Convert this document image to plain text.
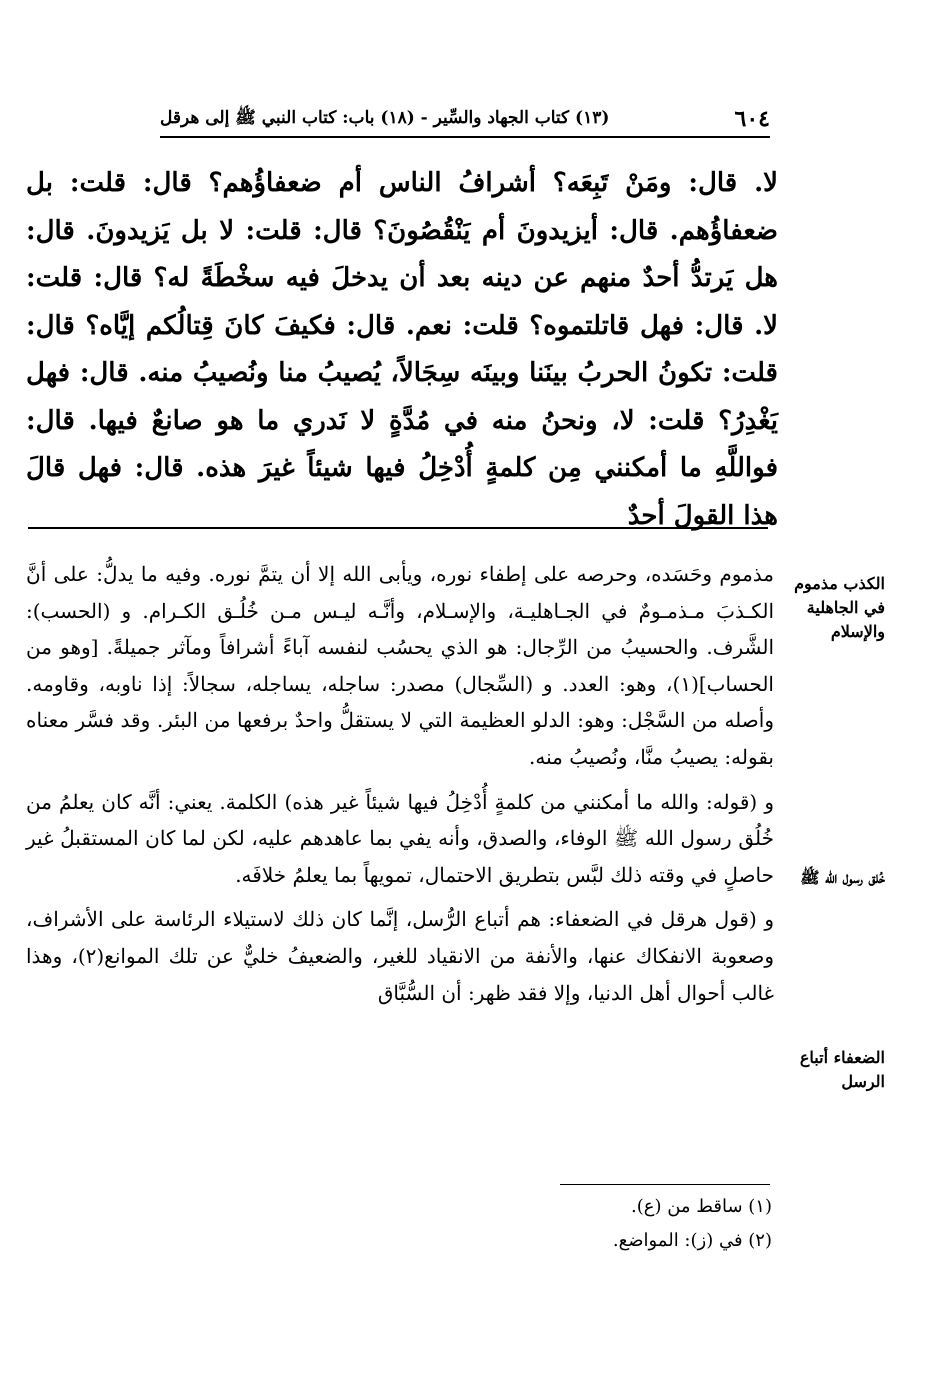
٦٠٤
(١٣) كتاب الجهاد والسِّير - (١٨) باب: كتاب النبي ﷺ إلى هرقل

لا. قال: ومَنْ تَبِعَه؟ أشرافُ الناس أم ضعفاؤُهم؟ قال: قلت: بل ضعفاؤُهم. قال: أيزيدونَ أم يَنْقُصُونَ؟ قال: قلت: لا بل يَزيدونَ. قال: هل يَرتدُّ أحدٌ منهم عن دينه بعد أن يدخلَ فيه سخْطَةً له؟ قال: قلت: لا. قال: فهل قاتلتموه؟ قلت: نعم. قال: فكيفَ كانَ قِتالُكم إيَّاه؟ قال: قلت: تكونُ الحربُ بينَنا وبينَه سِجَالاً، يُصيبُ منا ونُصيبُ منه. قال: فهل يَغْدِرُ؟ قلت: لا، ونحنُ منه في مُدَّةٍ لا نَدري ما هو صانعٌ فيها. قال: فواللَّهِ ما أمكنني مِن كلمةٍ أُدْخِلُ فيها شيئاً غيرَ هذه. قال: فهل قالَ هذا القولَ أحدٌ

الكذب مذموم في الجاهلية والإسلام
خُلق رسول الله ﷺ
الضعفاء أتباع الرسل

مذموم وحَسَده، وحرصه على إطفاء نوره، ويأبى الله إلا أن يتمَّ نوره. وفيه ما يدلُّ: على أنَّ الكـذبَ مـذمـومٌ في الجـاهليـة، والإسـلام، وأنَّـه ليـس مـن خُلُـق الكـرام. و (الحسب): الشَّرف. والحسيبُ من الرِّجال: هو الذي يحسُب لنفسه آباءً أشرافاً ومآثر جميلةً. [وهو من الحساب](١)، وهو: العدد. و (السِّجال) مصدر: ساجله، يساجله، سجالاً: إذا ناوبه، وقاومه. وأصله من السَّجْل: وهو: الدلو العظيمة التي لا يستقلُّ واحدٌ برفعها من البئر. وقد فسَّر معناه بقوله: يصيبُ منَّا، ونُصيبُ منه.

و (قوله: والله ما أمكنني من كلمةٍ أُدْخِلُ فيها شيئاً غير هذه) الكلمة. يعني: أنَّه كان يعلمُ من خُلُق رسول الله ﷺ الوفاء، والصدق، وأنه يفي بما عاهدهم عليه، لكن لما كان المستقبلُ غير حاصلٍ في وقته ذلك لبَّس بتطريق الاحتمال، تمويهاً بما يعلمُ خلافَه.

و (قول هرقل في الضعفاء: هم أتباع الرُّسل، إنَّما كان ذلك لاستيلاء الرئاسة على الأشراف، وصعوبة الانفكاك عنها، والأنفة من الانقياد للغير، والضعيفُ خليٌّ عن تلك الموانع(٢)، وهذا غالب أحوال أهل الدنيا، وإلا فقد ظهر: أن السُّبَّاق

(١) ساقط من (ع).
(٢) في (ز): المواضع.
